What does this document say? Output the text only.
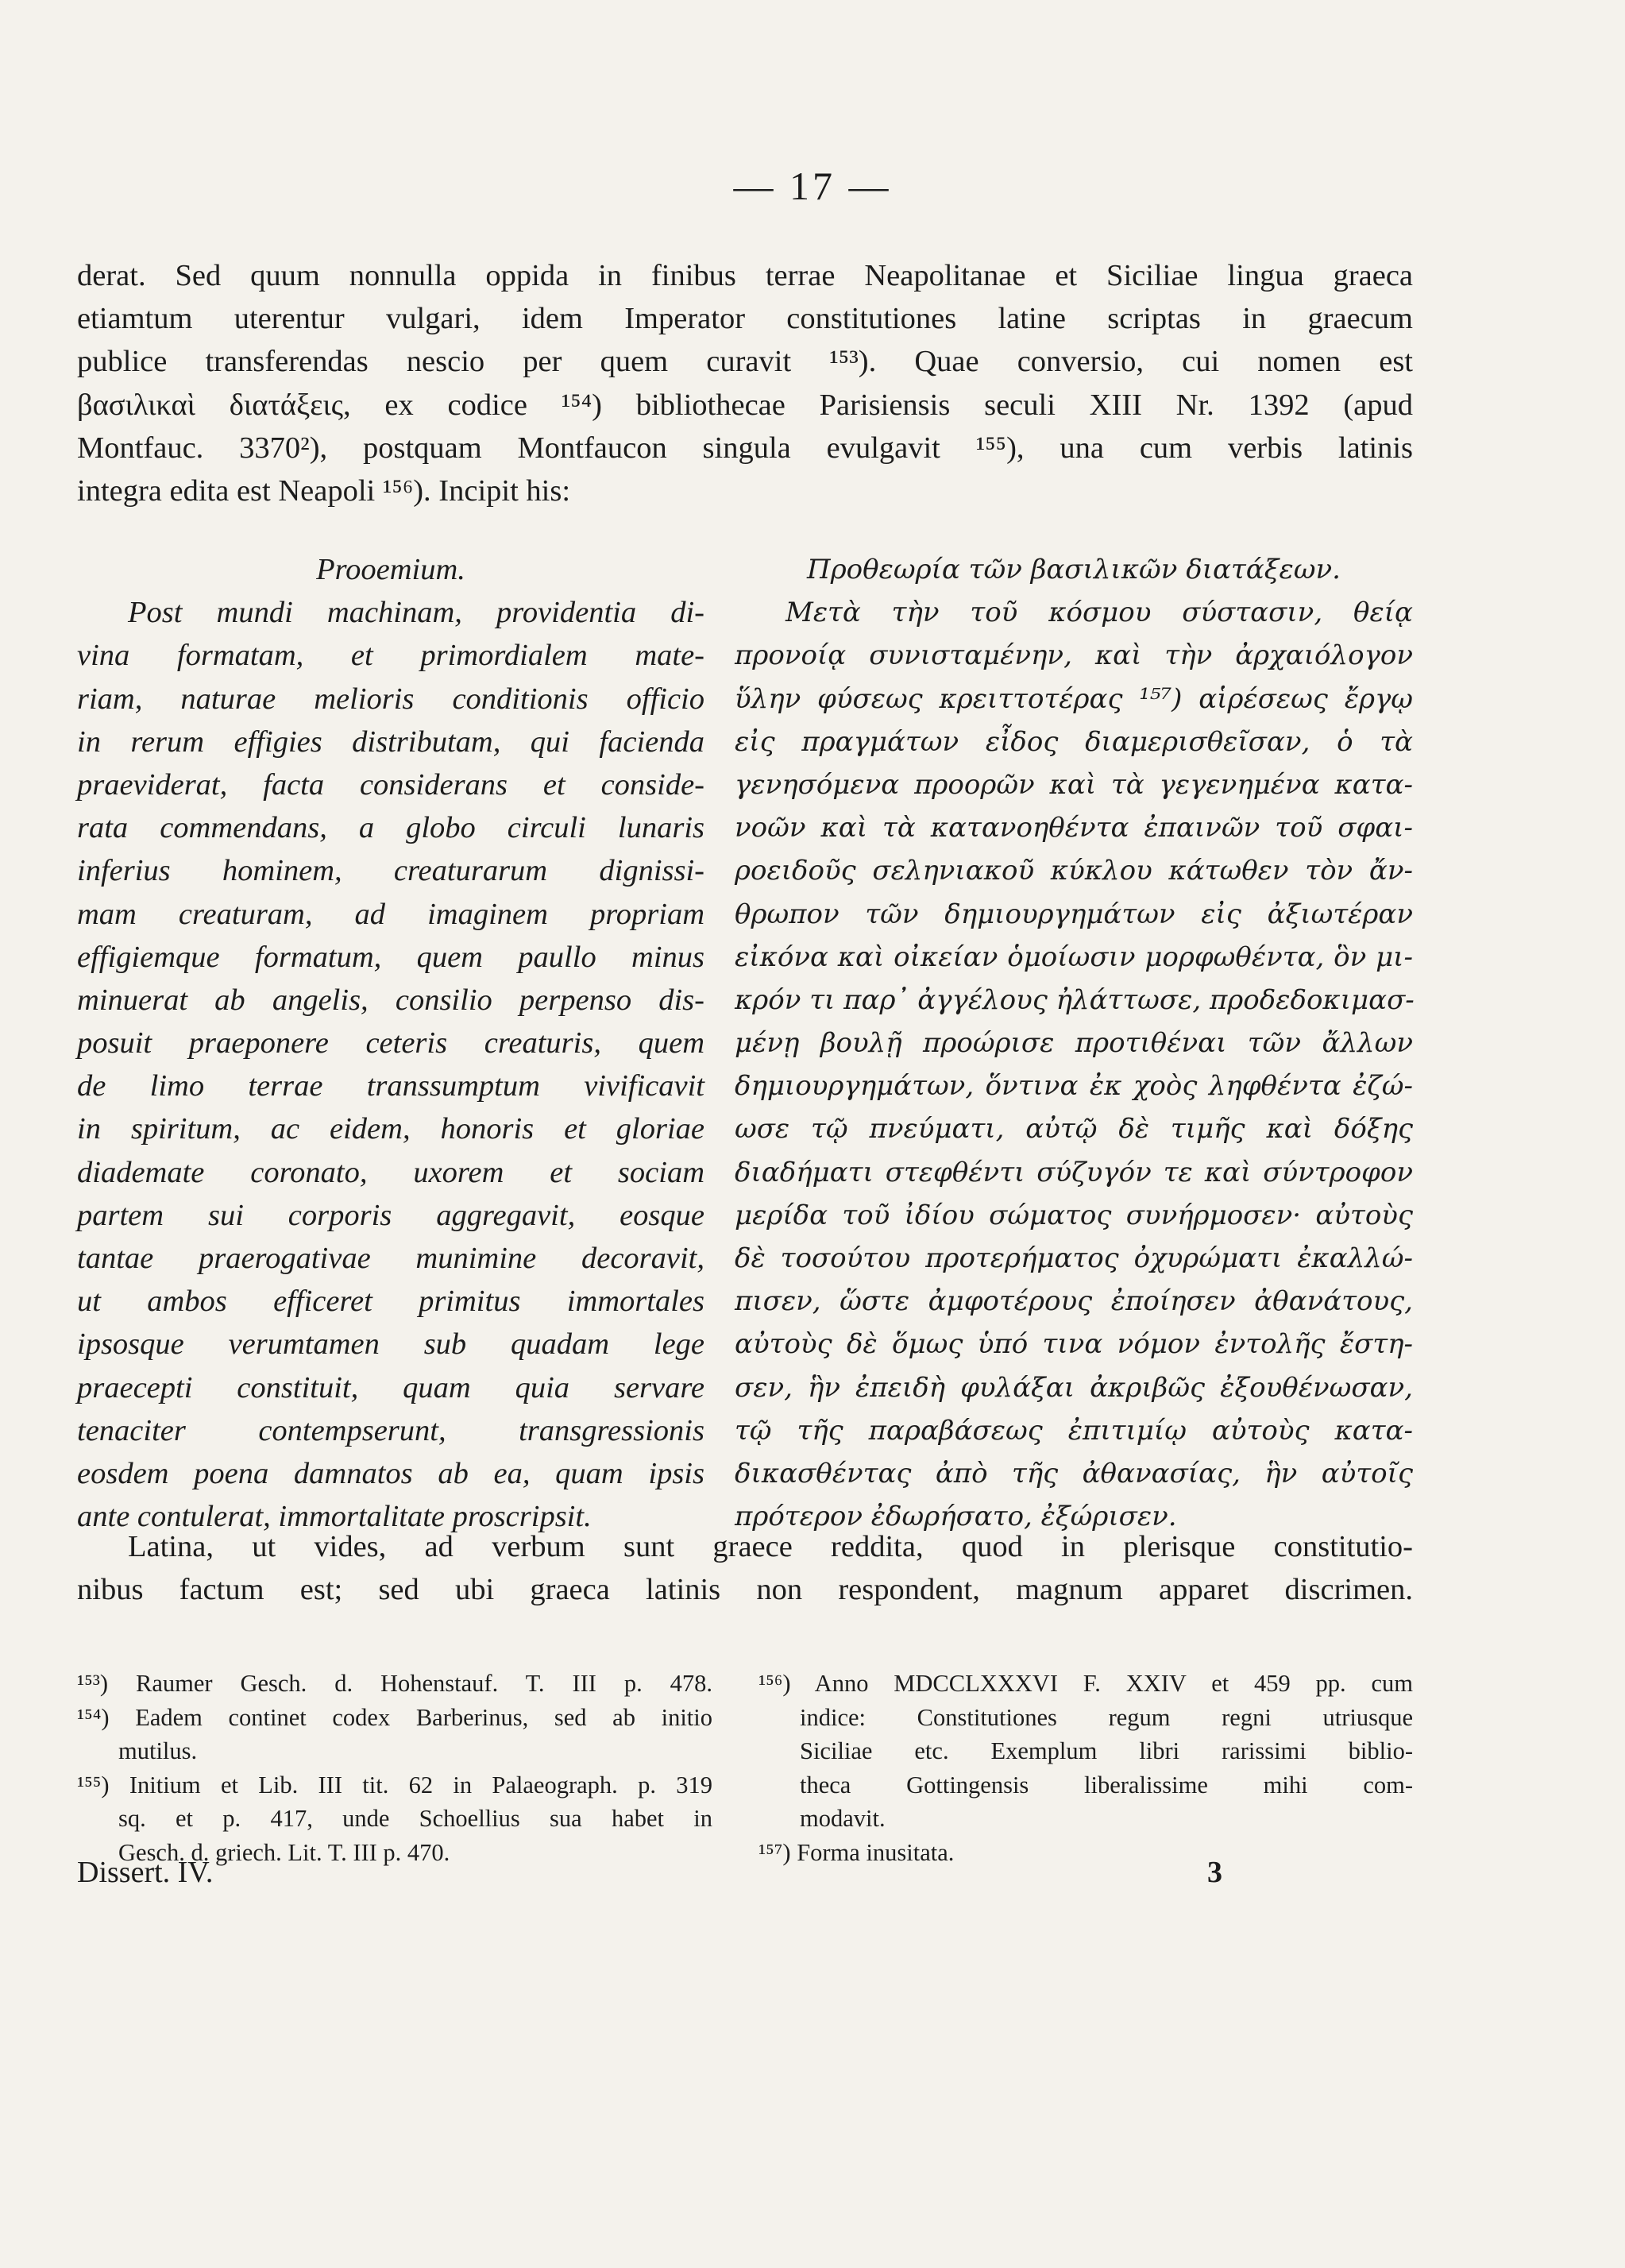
— 17 —
derat. Sed quum nonnulla oppida in finibus terrae Neapolitanae et Siciliae lingua graeca
etiamtum uterentur vulgari, idem Imperator constitutiones latine scriptas in graecum
publice transferendas nescio per quem curavit ¹⁵³). Quae conversio, cui nomen est
βασιλικαὶ διατάξεις, ex codice ¹⁵⁴) bibliothecae Parisiensis seculi XIII Nr. 1392 (apud
Montfauc. 3370²), postquam Montfaucon singula evulgavit ¹⁵⁵), una cum verbis latinis
integra edita est Neapoli ¹⁵⁶). Incipit his:
Prooemium.
Post mundi machinam, providentia di-
vina formatam, et primordialem mate-
riam, naturae melioris conditionis officio
in rerum effigies distributam, qui facienda
praeviderat, facta considerans et conside-
rata commendans, a globo circuli lunaris
inferius hominem, creaturarum dignissi-
mam creaturam, ad imaginem propriam
effigiemque formatum, quem paullo minus
minuerat ab angelis, consilio perpenso dis-
posuit praeponere ceteris creaturis, quem
de limo terrae transsumptum vivificavit
in spiritum, ac eidem, honoris et gloriae
diademate coronato, uxorem et sociam
partem sui corporis aggregavit, eosque
tantae praerogativae munimine decoravit,
ut ambos efficeret primitus immortales
ipsosque verumtamen sub quadam lege
praecepti constituit, quam quia servare
tenaciter contempserunt, transgressionis
eosdem poena damnatos ab ea, quam ipsis
ante contulerat, immortalitate proscripsit.
Προθεωρία τῶν βασιλικῶν διατάξεων.
Μετὰ τὴν τοῦ κόσμου σύστασιν, θείᾳ
προνοίᾳ συνισταμένην, καὶ τὴν ἀρχαιόλογον
ὕλην φύσεως κρειττοτέρας ¹⁵⁷) αἱρέσεως ἔργῳ
εἰς πραγμάτων εἶδος διαμερισθεῖσαν, ὁ τὰ
γενησόμενα προορῶν καὶ τὰ γεγενημένα κατα-
νοῶν καὶ τὰ κατανοηθέντα ἐπαινῶν τοῦ σφαι-
ροειδοῦς σεληνιακοῦ κύκλου κάτωθεν τὸν ἄν-
θρωπον τῶν δημιουργημάτων εἰς ἀξιωτέραν
εἰκόνα καὶ οἰκείαν ὁμοίωσιν μορφωθέντα, ὃν μι-
κρόν τι παρ᾿ ἀγγέλους ἠλάττωσε, προδεδοκιμασ-
μένῃ βουλῇ προώρισε προτιθέναι τῶν ἄλλων
δημιουργημάτων, ὅντινα ἐκ χοὸς ληφθέντα ἐζώ-
ωσε τῷ πνεύματι, αὐτῷ δὲ τιμῆς καὶ δόξης
διαδήματι στεφθέντι σύζυγόν τε καὶ σύντροφον
μερίδα τοῦ ἰδίου σώματος συνήρμοσεν· αὐτοὺς
δὲ τοσούτου προτερήματος ὀχυρώματι ἐκαλλώ-
πισεν, ὥστε ἀμφοτέρους ἐποίησεν ἀθανάτους,
αὐτοὺς δὲ ὅμως ὑπό τινα νόμον ἐντολῆς ἔστη-
σεν, ἣν ἐπειδὴ φυλάξαι ἀκριβῶς ἐξουθένωσαν,
τῷ τῆς παραβάσεως ἐπιτιμίῳ αὐτοὺς κατα-
δικασθέντας ἀπὸ τῆς ἀθανασίας, ἣν αὐτοῖς
πρότερον ἐδωρήσατο, ἐξώρισεν.
Latina, ut vides, ad verbum sunt graece reddita, quod in plerisque constitutio-
nibus factum est; sed ubi graeca latinis non respondent, magnum apparet discrimen.
¹⁵³) Raumer Gesch. d. Hohenstauf. T. III p. 478.
¹⁵⁴) Eadem continet codex Barberinus, sed ab initio
mutilus.
¹⁵⁵) Initium et Lib. III tit. 62 in Palaeograph. p. 319
sq. et p. 417, unde Schoellius sua habet in
Gesch. d. griech. Lit. T. III p. 470.
¹⁵⁶) Anno MDCCLXXXVI F. XXIV et 459 pp. cum
indice: Constitutiones regum regni utriusque
Siciliae etc. Exemplum libri rarissimi biblio-
theca Gottingensis liberalissime mihi com-
modavit.
¹⁵⁷) Forma inusitata.
Dissert. IV.	3
